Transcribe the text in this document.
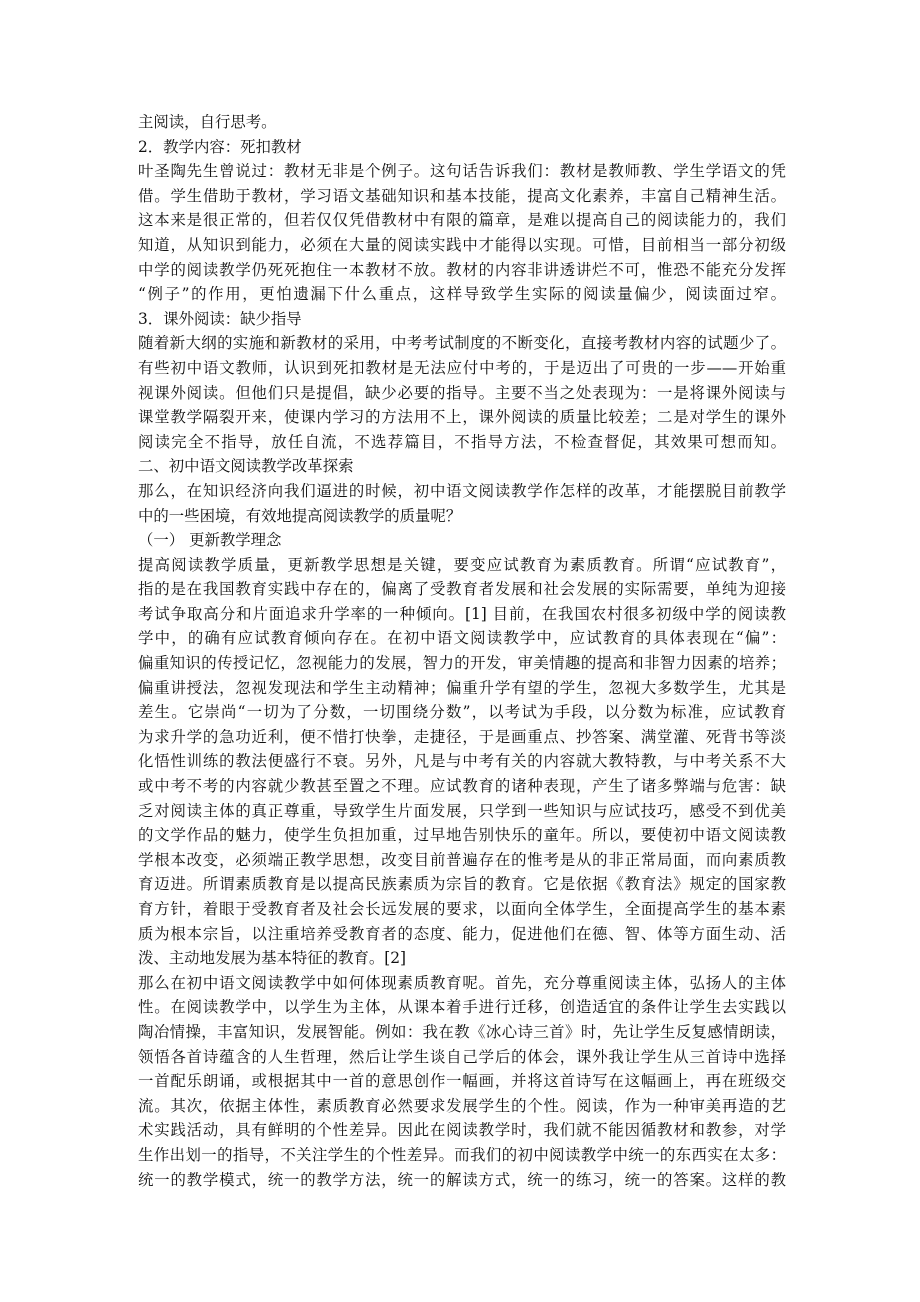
主阅读，自行思考。
2．教学内容：死扣教材
叶圣陶先生曾说过：教材无非是个例子。这句话告诉我们：教材是教师教、学生学语文的凭
借。学生借助于教材，学习语文基础知识和基本技能，提高文化素养，丰富自己精神生活。
这本来是很正常的，但若仅仅凭借教材中有限的篇章，是难以提高自己的阅读能力的，我们
知道，从知识到能力，必须在大量的阅读实践中才能得以实现。可惜，目前相当一部分初级
中学的阅读教学仍死死抱住一本教材不放。教材的内容非讲透讲烂不可，惟恐不能充分发挥
“例子”的作用，更怕遗漏下什么重点，这样导致学生实际的阅读量偏少，阅读面过窄。
3．课外阅读：缺少指导
随着新大纲的实施和新教材的采用，中考考试制度的不断变化，直接考教材内容的试题少了。
有些初中语文教师，认识到死扣教材是无法应付中考的，于是迈出了可贵的一步——开始重
视课外阅读。但他们只是提倡，缺少必要的指导。主要不当之处表现为：一是将课外阅读与
课堂教学隔裂开来，使课内学习的方法用不上，课外阅读的质量比较差；二是对学生的课外
阅读完全不指导，放任自流，不选荐篇目，不指导方法，不检查督促，其效果可想而知。
二、初中语文阅读教学改革探索
那么，在知识经济向我们逼进的时候，初中语文阅读教学作怎样的改革，才能摆脱目前教学
中的一些困境，有效地提高阅读教学的质量呢？
（一） 更新教学理念
提高阅读教学质量，更新教学思想是关键，要变应试教育为素质教育。所谓“应试教育”，
指的是在我国教育实践中存在的，偏离了受教育者发展和社会发展的实际需要，单纯为迎接
考试争取高分和片面追求升学率的一种倾向。[1] 目前，在我国农村很多初级中学的阅读教
学中，的确有应试教育倾向存在。在初中语文阅读教学中，应试教育的具体表现在“偏”：
偏重知识的传授记忆，忽视能力的发展，智力的开发，审美情趣的提高和非智力因素的培养；
偏重讲授法，忽视发现法和学生主动精神；偏重升学有望的学生，忽视大多数学生，尤其是
差生。它崇尚“一切为了分数，一切围绕分数”，以考试为手段，以分数为标准，应试教育
为求升学的急功近利，便不惜打快拳，走捷径，于是画重点、抄答案、满堂灌、死背书等淡
化悟性训练的教法便盛行不衰。另外，凡是与中考有关的内容就大教特教，与中考关系不大
或中考不考的内容就少教甚至置之不理。应试教育的诸种表现，产生了诸多弊端与危害：缺
乏对阅读主体的真正尊重，导致学生片面发展，只学到一些知识与应试技巧，感受不到优美
的文学作品的魅力，使学生负担加重，过早地告别快乐的童年。所以，要使初中语文阅读教
学根本改变，必须端正教学思想，改变目前普遍存在的惟考是从的非正常局面，而向素质教
育迈进。所谓素质教育是以提高民族素质为宗旨的教育。它是依据《教育法》规定的国家教
育方针，着眼于受教育者及社会长远发展的要求，以面向全体学生，全面提高学生的基本素
质为根本宗旨，以注重培养受教育者的态度、能力，促进他们在德、智、体等方面生动、活
泼、主动地发展为基本特征的教育。[2]
那么在初中语文阅读教学中如何体现素质教育呢。首先，充分尊重阅读主体，弘扬人的主体
性。在阅读教学中，以学生为主体，从课本着手进行迁移，创造适宜的条件让学生去实践以
陶冶情操，丰富知识，发展智能。例如：我在教《冰心诗三首》时，先让学生反复感情朗读，
领悟各首诗蕴含的人生哲理，然后让学生谈自己学后的体会，课外我让学生从三首诗中选择
一首配乐朗诵，或根据其中一首的意思创作一幅画，并将这首诗写在这幅画上，再在班级交
流。其次，依据主体性，素质教育必然要求发展学生的个性。阅读，作为一种审美再造的艺
术实践活动，具有鲜明的个性差异。因此在阅读教学时，我们就不能因循教材和教参，对学
生作出划一的指导，不关注学生的个性差异。而我们的初中阅读教学中统一的东西实在太多：
统一的教学模式，统一的教学方法，统一的解读方式，统一的练习，统一的答案。这样的教
